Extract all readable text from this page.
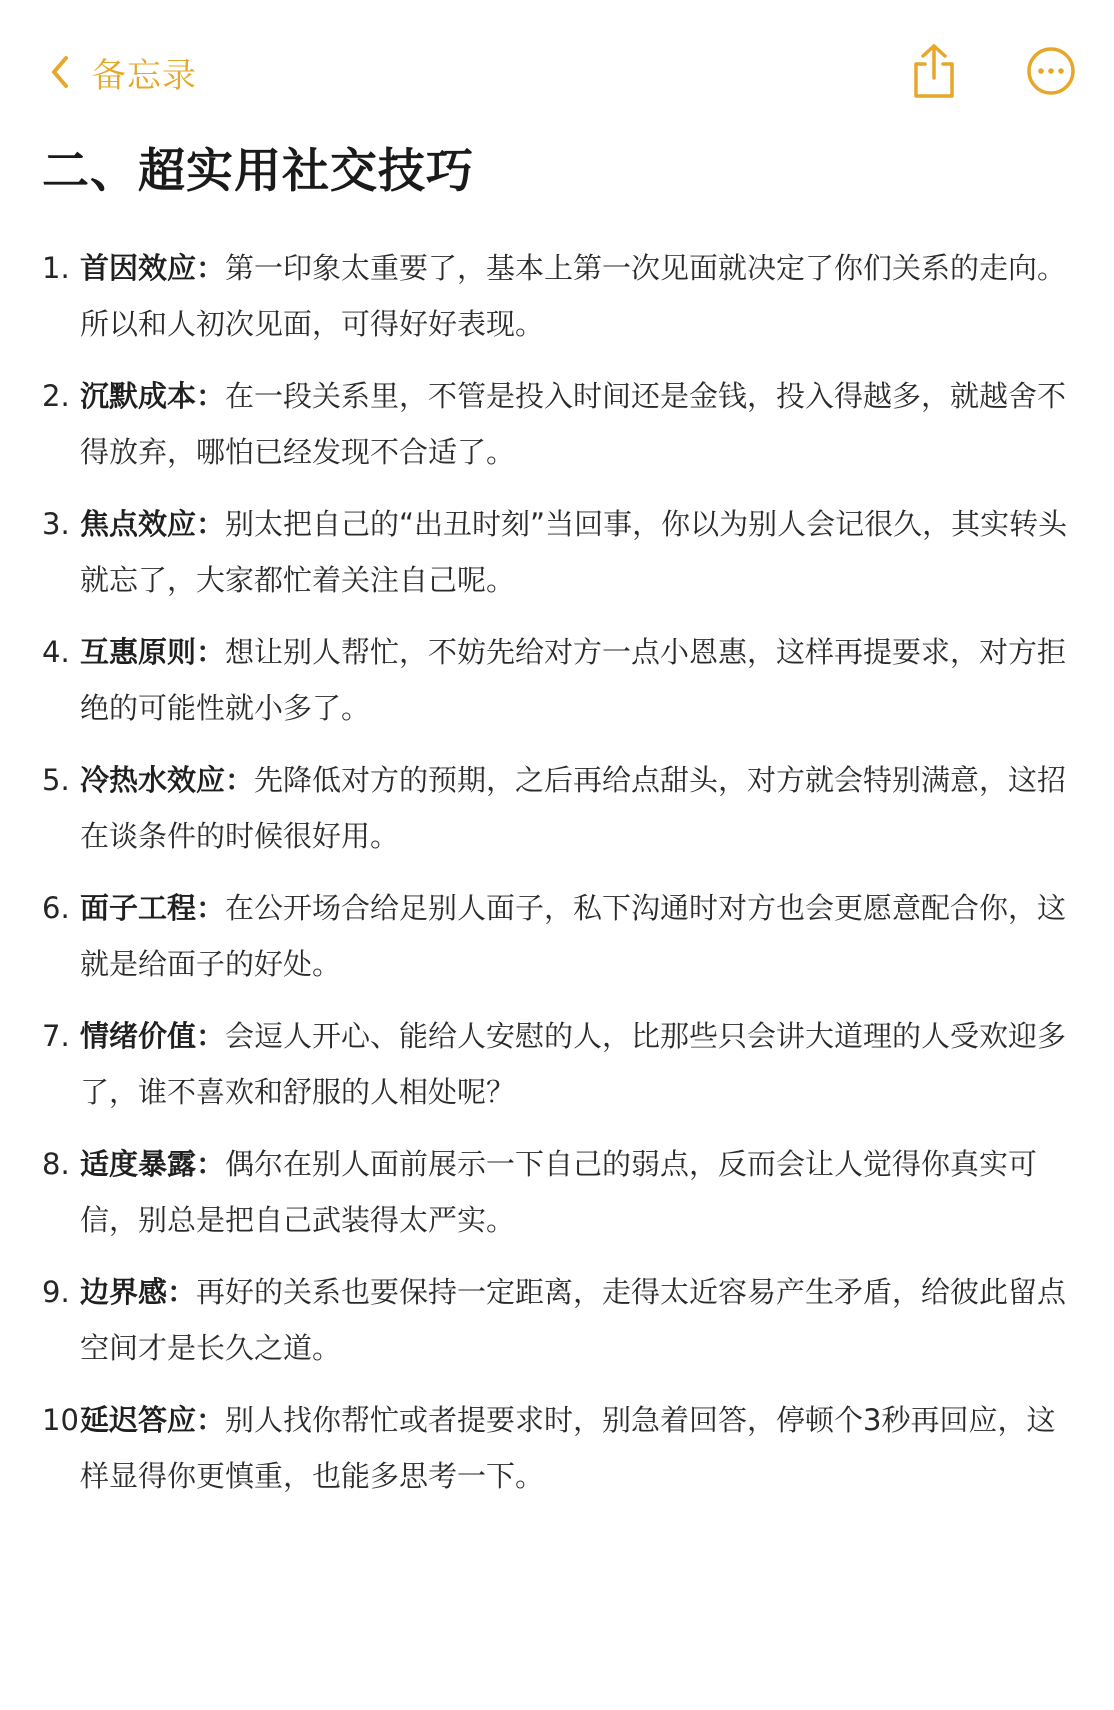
备忘录
二、超实用社交技巧
1. 首因效应：第一印象太重要了，基本上第一次见面就决定了你们关系的走向。所以和人初次见面，可得好好表现。
2. 沉默成本：在一段关系里，不管是投入时间还是金钱，投入得越多，就越舍不得放弃，哪怕已经发现不合适了。
3. 焦点效应：别太把自己的“出丑时刻”当回事，你以为别人会记很久，其实转头就忘了，大家都忙着关注自己呢。
4. 互惠原则：想让别人帮忙，不妨先给对方一点小恩惠，这样再提要求，对方拒绝的可能性就小多了。
5. 冷热水效应：先降低对方的预期，之后再给点甜头，对方就会特别满意，这招在谈条件的时候很好用。
6. 面子工程：在公开场合给足别人面子，私下沟通时对方也会更愿意配合你，这就是给面子的好处。
7. 情绪价值：会逗人开心、能给人安慰的人，比那些只会讲大道理的人受欢迎多了，谁不喜欢和舒服的人相处呢？
8. 适度暴露：偶尔在别人面前展示一下自己的弱点，反而会让人觉得你真实可信，别总是把自己武装得太严实。
9. 边界感：再好的关系也要保持一定距离，走得太近容易产生矛盾，给彼此留点空间才是长久之道。
10 延迟答应：别人找你帮忙或者提要求时，别急着回答，停顿个3秒再回应，这样显得你更慎重，也能多思考一下。
